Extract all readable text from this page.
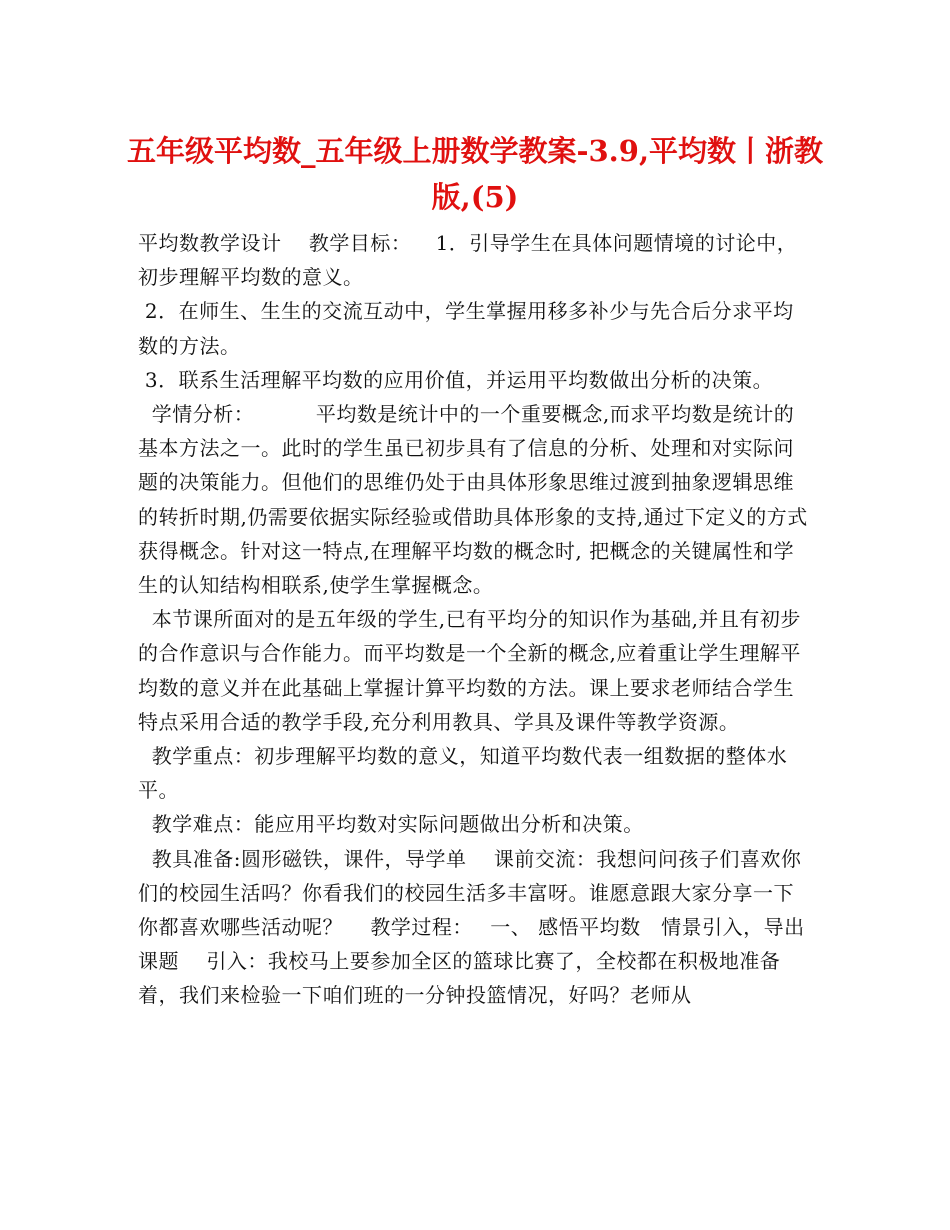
五年级平均数_五年级上册数学教案-3.9,平均数丨浙教版,(5)

平均数教学设计　 教学目标：　  1．引导学生在具体问题情境的讨论中，初步理解平均数的意义。

2．在师生、生生的交流互动中，学生掌握用移多补少与先合后分求平均数的方法。

3．联系生活理解平均数的应用价值，并运用平均数做出分析的决策。

学情分析：         平均数是统计中的一个重要概念,而求平均数是统计的基本方法之一。此时的学生虽已初步具有了信息的分析、处理和对实际问题的决策能力。但他们的思维仍处于由具体形象思维过渡到抽象逻辑思维的转折时期,仍需要依据实际经验或借助具体形象的支持,通过下定义的方式获得概念。针对这一特点,在理解平均数的概念时, 把概念的关键属性和学生的认知结构相联系,使学生掌握概念。

本节课所面对的是五年级的学生,已有平均分的知识作为基础,并且有初步的合作意识与合作能力。而平均数是一个全新的概念,应着重让学生理解平均数的意义并在此基础上掌握计算平均数的方法。课上要求老师结合学生特点采用合适的教学手段,充分利用教具、学具及课件等教学资源。

教学重点：初步理解平均数的意义，知道平均数代表一组数据的整体水平。

教学难点：能应用平均数对实际问题做出分析和决策。

教具准备:圆形磁铁，课件，导学单　 课前交流：我想问问孩子们喜欢你们的校园生活吗？你看我们的校园生活多丰富呀。谁愿意跟大家分享一下你都喜欢哪些活动呢？　 教学过程：　 一、 感悟平均数　情景引入，导出课题　 引入：我校马上要参加全区的篮球比赛了，全校都在积极地准备着，我们来检验一下咱们班的一分钟投篮情况，好吗？老师从
